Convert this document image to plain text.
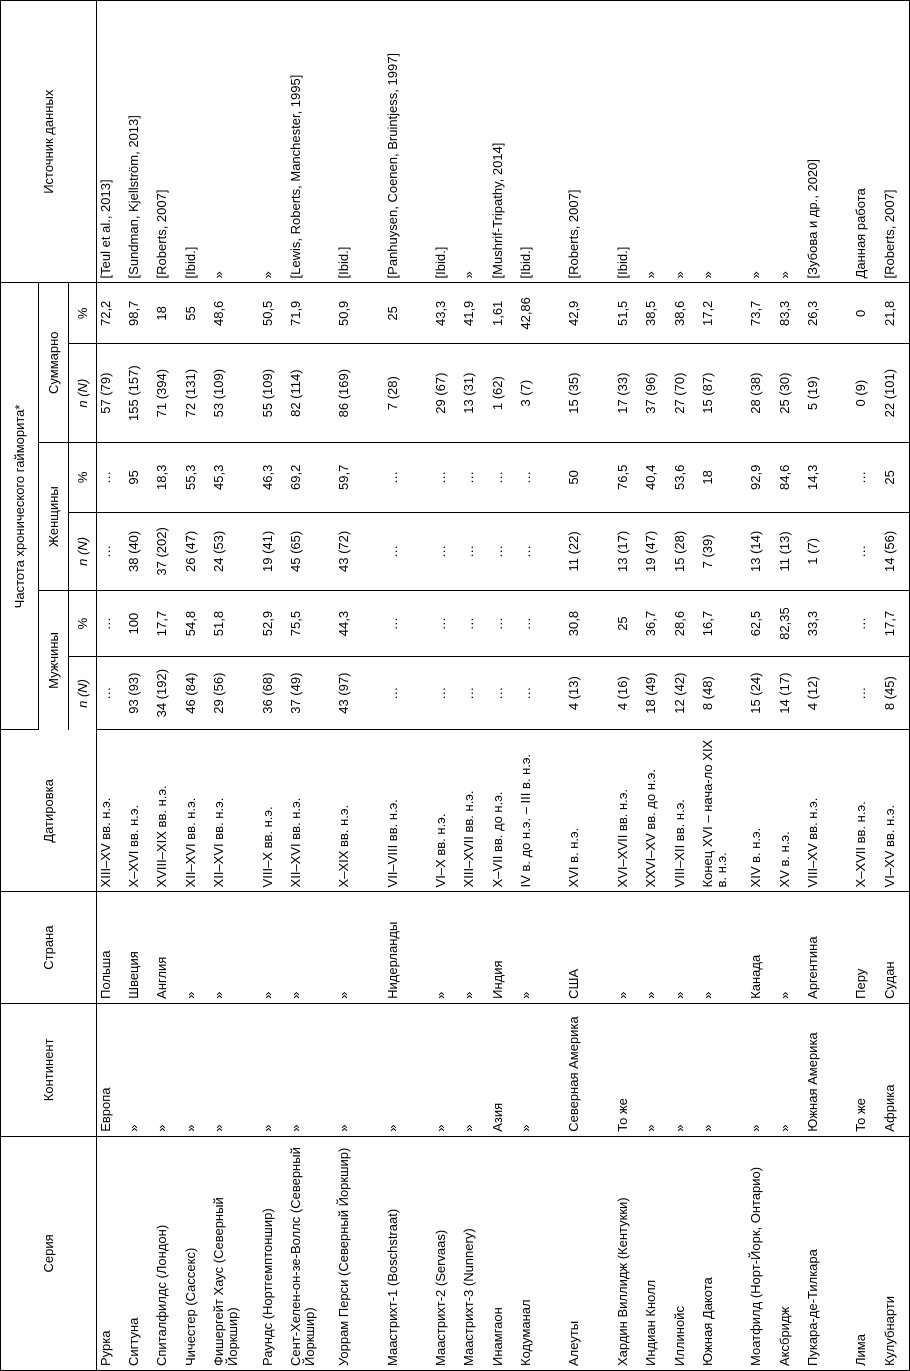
Серия	Континент	Страна	Датировка	Частота хронического гайморита*						Источник данных
				Мужчины		Женщины		Суммарно		
				n (N)	%	n (N)	%	n (N)	%	
Рурка	Европа	Польша	XIII–XV вв. н.э.	…	…	…	…	57 (79)	72,2	[Teul et al., 2013]
Сигтуна	»	Швеция	X–XVI вв. н.э.	93 (93)	100	38 (40)	95	155 (157)	98,7	[Sundman, Kjellström, 2013]
Спиталфилдс (Лондон)	»	Англия	XVIII–XIX вв. н.э.	34 (192)	17,7	37 (202)	18,3	71 (394)	18	[Roberts, 2007]
Чичестер (Сассекс)	»	»	XII–XVI вв. н.э.	46 (84)	54,8	26 (47)	55,3	72 (131)	55	[Ibid.]
Фишергейт Хаус (Северный Йоркшир)	»	»	XII–XVI вв. н.э.	29 (56)	51,8	24 (53)	45,3	53 (109)	48,6	»
Раундс (Нортгемптоншир)	»	»	VIII–X вв. н.э.	36 (68)	52,9	19 (41)	46,3	55 (109)	50,5	»
Сент-Хелен-он-зе-Воллс (Северный Йоркшир)	»	»	XII–XVI вв. н.э.	37 (49)	75,5	45 (65)	69,2	82 (114)	71,9	[Lewis, Roberts, Manchester, 1995]
Уоррам Перси (Северный Йоркшир)	»	»	X–XIX вв. н.э.	43 (97)	44,3	43 (72)	59,7	86 (169)	50,9	[Ibid.]
Маастрихт-1 (Boschstraat)	»	Нидерланды	VII–VIII вв. н.э.	…	…	…	…	7 (28)	25	[Panhuysen, Coenen, Bruintjess, 1997]
Маастрихт-2 (Servaas)	»	»	VI–X вв. н.э.	…	…	…	…	29 (67)	43,3	[Ibid.]
Маастрихт-3 (Nunnery)	»	»	XIII–XVII вв. н.э.	…	…	…	…	13 (31)	41,9	»
Инамгаон	Азия	Индия	X–VII вв. до н.э.	…	…	…	…	1 (62)	1,61	[Mushrif-Tripathy, 2014]
Кодуманал	»	»	IV в. до н.э. – III в. н.э.	…	…	…	…	3 (7)	42,86	[Ibid.]
Алеуты	Северная Америка	США	XVI в. н.э.	4 (13)	30,8	11 (22)	50	15 (35)	42,9	[Roberts, 2007]
Хардин Виллидж (Кентукки)	То же	»	XVI–XVII вв. н.э.	4 (16)	25	13 (17)	76,5	17 (33)	51,5	[Ibid.]
Индиан Кнолл	»	»	XXVI–XV вв. до н.э.	18 (49)	36,7	19 (47)	40,4	37 (96)	38,5	»
Иллинойс	»	»	VIII–XII вв. н.э.	12 (42)	28,6	15 (28)	53,6	27 (70)	38,6	»
Южная Дакота	»	»	Конец XVI – нача-ло XIX в. н.э.	8 (48)	16,7	7 (39)	18	15 (87)	17,2	»
Моатфилд (Норт-Йорк, Онтарио)	»	Канада	XIV в. н.э.	15 (24)	62,5	13 (14)	92,9	28 (38)	73,7	»
Аксбридж	»	»	XV в. н.э.	14 (17)	82,35	11 (13)	84,6	25 (30)	83,3	»
Пукара-де-Тилкара	Южная Америка	Аргентина	VIII–XV вв. н.э.	4 (12)	33,3	1 (7)	14,3	5 (19)	26,3	[Зубова и др., 2020]
Лима	То же	Перу	X–XVII вв. н.э.	…	…	…	…	0 (9)	0	Данная работа
Кулубнарти	Африка	Судан	VI–XV вв. н.э.	8 (45)	17,7	14 (56)	25	22 (101)	21,8	[Roberts, 2007]
